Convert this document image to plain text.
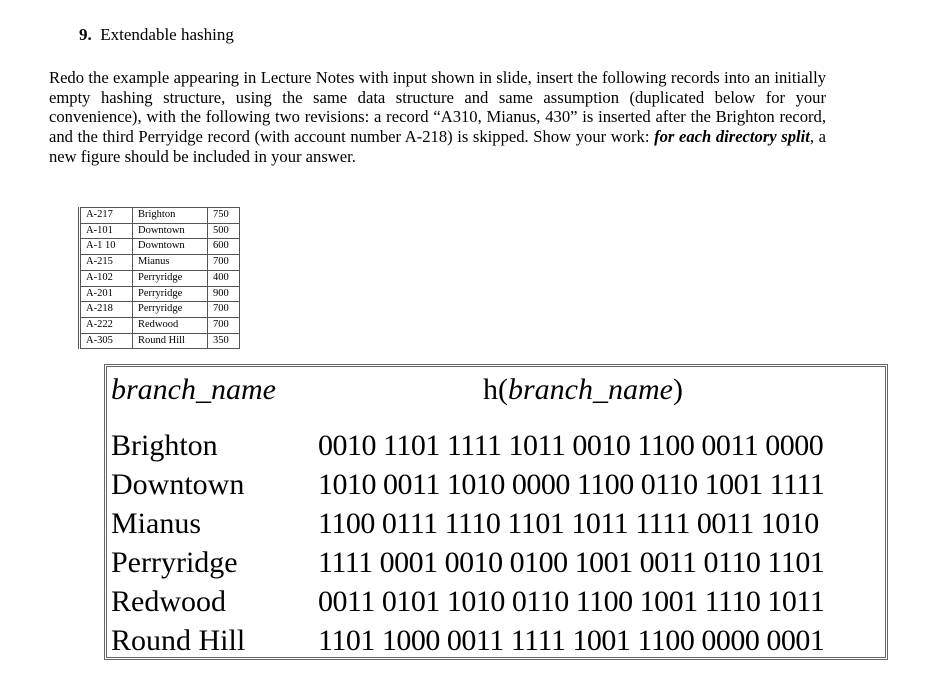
9. Extendable hashing
Redo the example appearing in Lecture Notes with input shown in slide, insert the following records into an initially empty hashing structure, using the same data structure and same assumption (duplicated below for your convenience), with the following two revisions: a record “A310, Mianus, 430” is inserted after the Brighton record, and the third Perryidge record (with account number A-218) is skipped. Show your work: for each directory split, a new figure should be included in your answer.
A-217	Brighton	750
A-101	Downtown	500
A-1 10	Downtown	600
A-215	Mianus	700
A-102	Perryridge	400
A-201	Perryridge	900
A-218	Perryridge	700
A-222	Redwood	700
A-305	Round Hill	350
branch_name	h(branch_name)
Brighton	0010 1101 1111 1011 0010 1100 0011 0000
Downtown 1010 0011 1010 0000 1100 0110 1001 1111
Mianus	1100 0111 1110 1101 1011 1111 0011 1010
Perryridge	1111 0001 0010 0100 1001 0011 0110 1101
Redwood	0011 0101 1010 0110 1100 1001 1110 1011
Round Hill 1101 1000 0011 1111 1001 1100 0000 0001
